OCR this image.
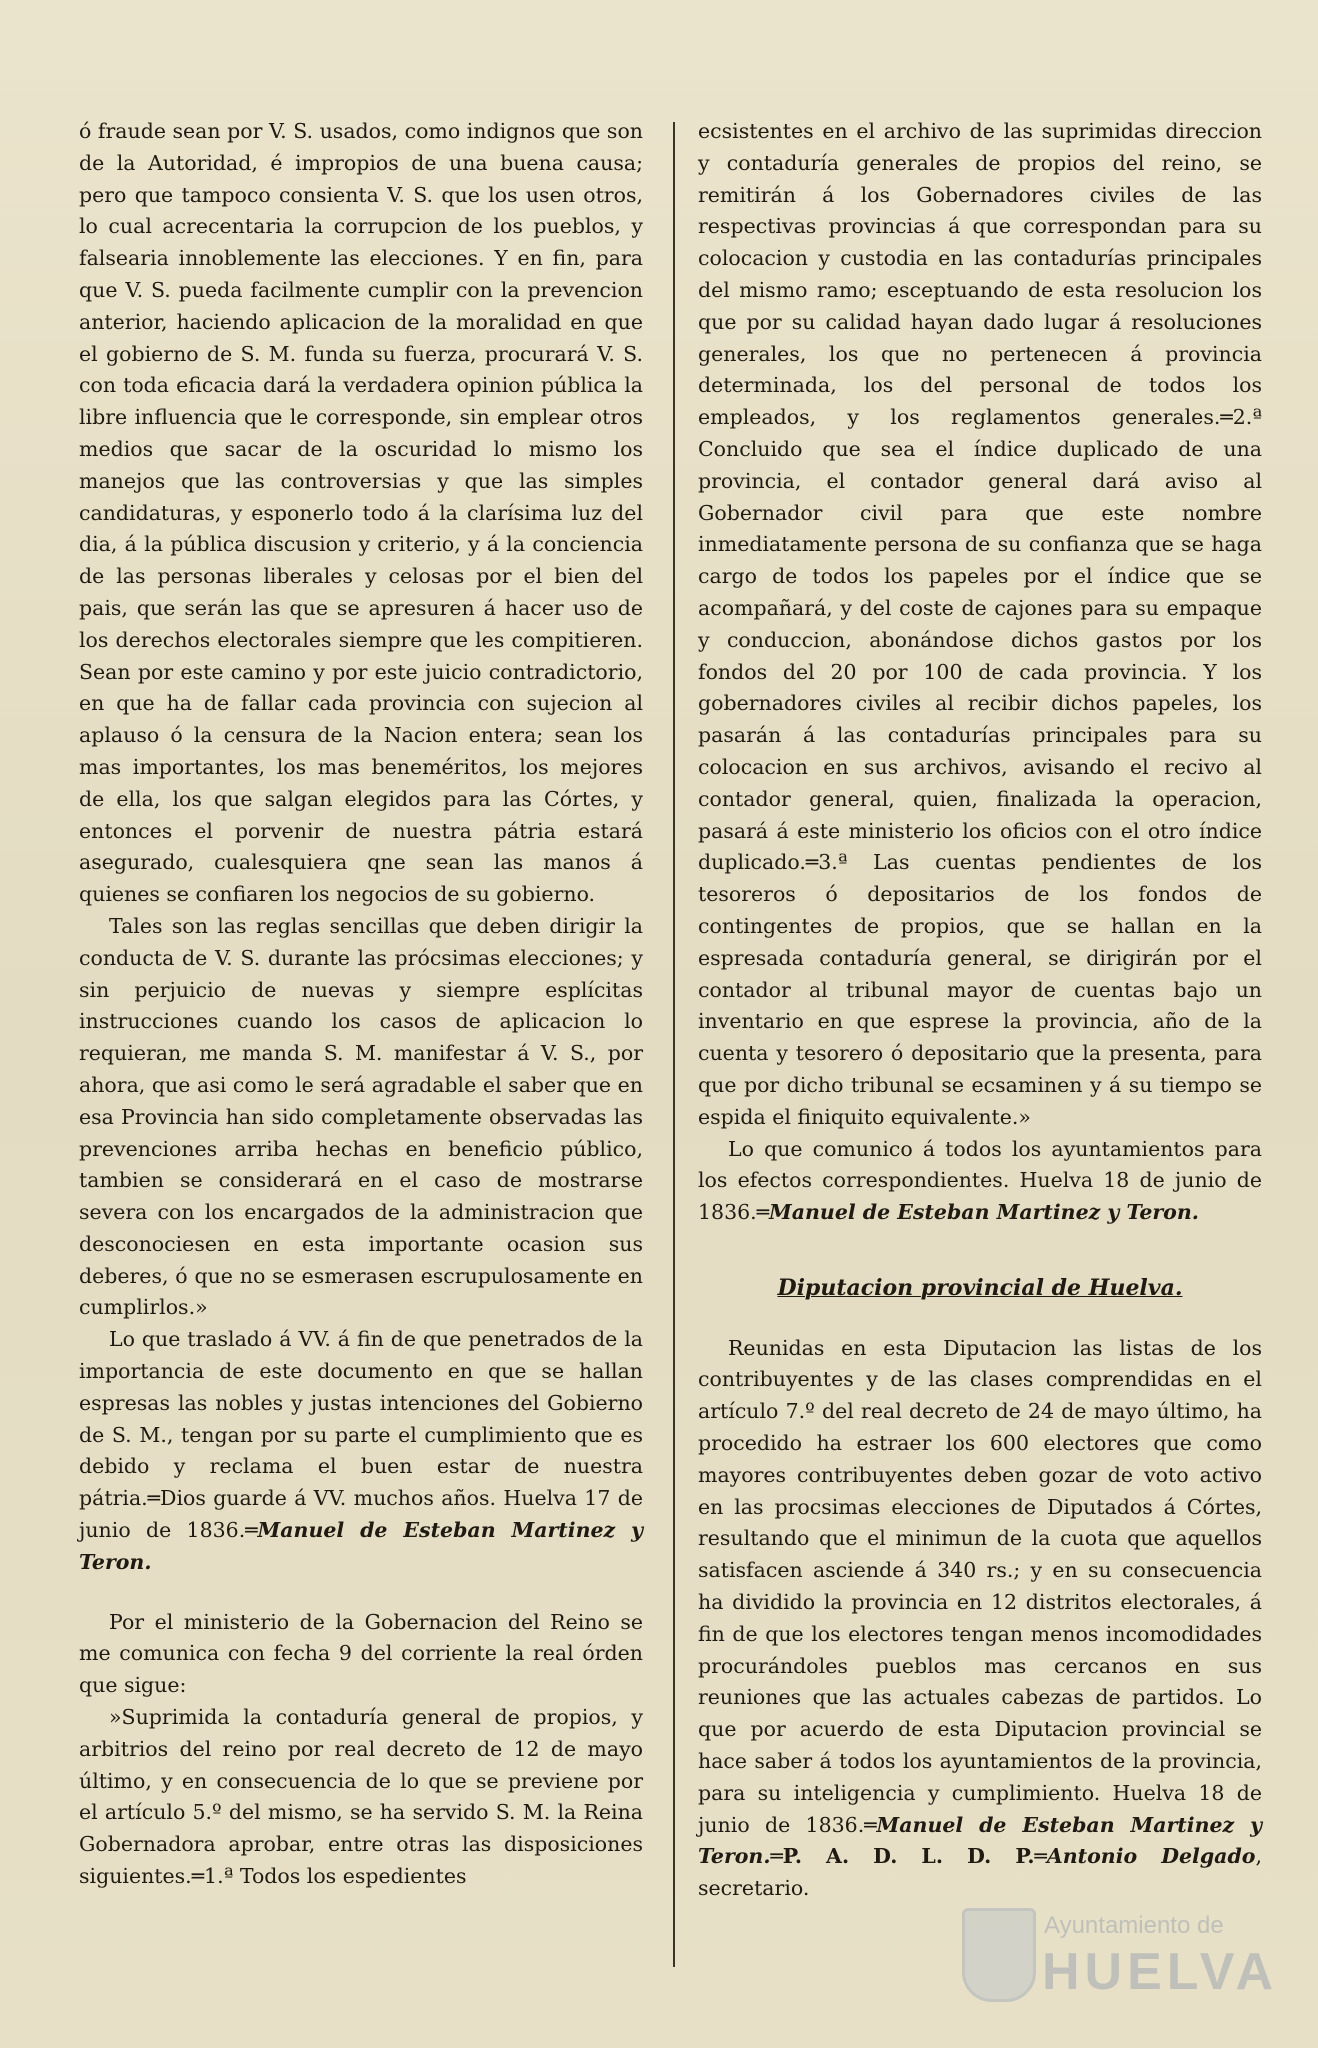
ó fraude sean por V. S. usados, como indignos que son de la Autoridad, é impropios de una buena causa; pero que tampoco consienta V. S. que los usen otros, lo cual acrecentaria la corrupcion de los pueblos, y falsearia innoblemente las elecciones. Y en fin, para que V. S. pueda facilmente cumplir con la prevencion anterior, haciendo aplicacion de la moralidad en que el gobierno de S. M. funda su fuerza, procurará V. S. con toda eficacia dará la verdadera opinion pública la libre influencia que le corresponde, sin emplear otros medios que sacar de la oscuridad lo mismo los manejos que las controversias y que las simples candidaturas, y esponerlo todo á la clarísima luz del dia, á la pública discusion y criterio, y á la conciencia de las personas liberales y celosas por el bien del pais, que serán las que se apresuren á hacer uso de los derechos electorales siempre que les compitieren. Sean por este camino y por este juicio contradictorio, en que ha de fallar cada provincia con sujecion al aplauso ó la censura de la Nacion entera; sean los mas importantes, los mas beneméritos, los mejores de ella, los que salgan elegidos para las Córtes, y entonces el porvenir de nuestra pátria estará asegurado, cualesquiera qne sean las manos á quienes se confiaren los negocios de su gobierno.

Tales son las reglas sencillas que deben dirigir la conducta de V. S. durante las prócsimas elecciones; y sin perjuicio de nuevas y siempre esplícitas instrucciones cuando los casos de aplicacion lo requieran, me manda S. M. manifestar á V. S., por ahora, que asi como le será agradable el saber que en esa Provincia han sido completamente observadas las prevenciones arriba hechas en beneficio público, tambien se considerará en el caso de mostrarse severa con los encargados de la administracion que desconociesen en esta importante ocasion sus deberes, ó que no se esmerasen escrupulosamente en cumplirlos.»

Lo que traslado á VV. á fin de que penetrados de la importancia de este documento en que se hallan espresas las nobles y justas intenciones del Gobierno de S. M., tengan por su parte el cumplimiento que es debido y reclama el buen estar de nuestra pátria.═Dios guarde á VV. muchos años. Huelva 17 de junio de 1836.═Manuel de Esteban Martinez y Teron.

Por el ministerio de la Gobernacion del Reino se me comunica con fecha 9 del corriente la real órden que sigue:

»Suprimida la contaduría general de propios, y arbitrios del reino por real decreto de 12 de mayo último, y en consecuencia de lo que se previene por el artículo 5.º del mismo, se ha servido S. M. la Reina Gobernadora aprobar, entre otras las disposiciones siguientes.═1.ª Todos los espedientes

ecsistentes en el archivo de las suprimidas direccion y contaduría generales de propios del reino, se remitirán á los Gobernadores civiles de las respectivas provincias á que correspondan para su colocacion y custodia en las contadurías principales del mismo ramo; esceptuando de esta resolucion los que por su calidad hayan dado lugar á resoluciones generales, los que no pertenecen á provincia determinada, los del personal de todos los empleados, y los reglamentos generales.═2.ª Concluido que sea el índice duplicado de una provincia, el contador general dará aviso al Gobernador civil para que este nombre inmediatamente persona de su confianza que se haga cargo de todos los papeles por el índice que se acompañará, y del coste de cajones para su empaque y conduccion, abonándose dichos gastos por los fondos del 20 por 100 de cada provincia. Y los gobernadores civiles al recibir dichos papeles, los pasarán á las contadurías principales para su colocacion en sus archivos, avisando el recivo al contador general, quien, finalizada la operacion, pasará á este ministerio los oficios con el otro índice duplicado.═3.ª Las cuentas pendientes de los tesoreros ó depositarios de los fondos de contingentes de propios, que se hallan en la espresada contaduría general, se dirigirán por el contador al tribunal mayor de cuentas bajo un inventario en que esprese la provincia, año de la cuenta y tesorero ó depositario que la presenta, para que por dicho tribunal se ecsaminen y á su tiempo se espida el finiquito equivalente.»

Lo que comunico á todos los ayuntamientos para los efectos correspondientes. Huelva 18 de junio de 1836.═Manuel de Esteban Martinez y Teron.

Diputacion provincial de Huelva.

Reunidas en esta Diputacion las listas de los contribuyentes y de las clases comprendidas en el artículo 7.º del real decreto de 24 de mayo último, ha procedido ha estraer los 600 electores que como mayores contribuyentes deben gozar de voto activo en las procsimas elecciones de Diputados á Córtes, resultando que el minimun de la cuota que aquellos satisfacen asciende á 340 rs.; y en su consecuencia ha dividido la provincia en 12 distritos electorales, á fin de que los electores tengan menos incomodidades procurándoles pueblos mas cercanos en sus reuniones que las actuales cabezas de partidos. Lo que por acuerdo de esta Diputacion provincial se hace saber á todos los ayuntamientos de la provincia, para su inteligencia y cumplimiento. Huelva 18 de junio de 1836.═Manuel de Esteban Martinez y Teron.═P. A. D. L. D. P.═Antonio Delgado, secretario.

Ayuntamiento de
HUELVA
